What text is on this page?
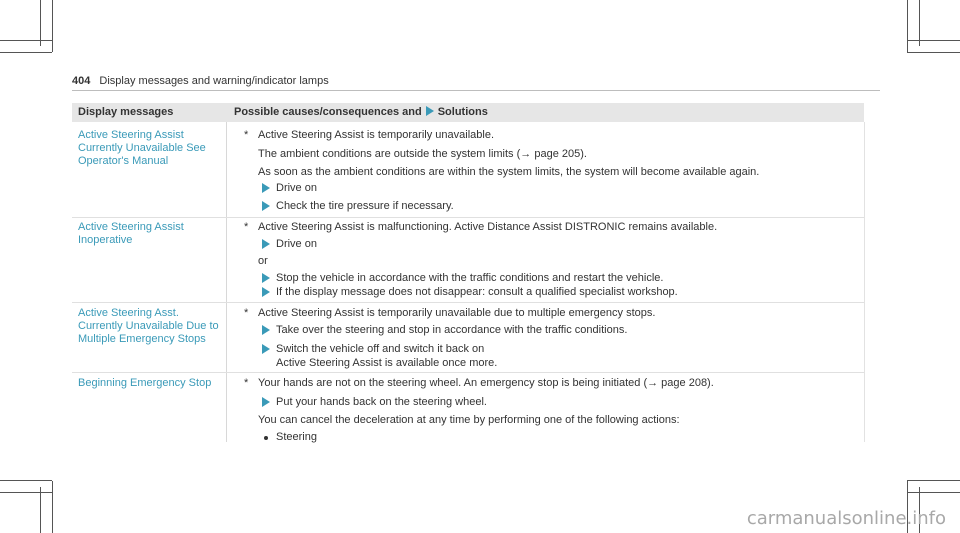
404 Display messages and warning/indicator lamps
Display messages	Possible causes/consequences and Solutions
Active Steering Assist Currently Unavailable See Operator's Manual
* Active Steering Assist is temporarily unavailable.
The ambient conditions are outside the system limits (→ page 205).
As soon as the ambient conditions are within the system limits, the system will become available again.
Drive on
Check the tire pressure if necessary.
Active Steering Assist Inoperative
* Active Steering Assist is malfunctioning. Active Distance Assist DISTRONIC remains available.
Drive on
or
Stop the vehicle in accordance with the traffic conditions and restart the vehicle.
If the display message does not disappear: consult a qualified specialist workshop.
Active Steering Asst. Currently Unavailable Due to Multiple Emergency Stops
* Active Steering Assist is temporarily unavailable due to multiple emergency stops.
Take over the steering and stop in accordance with the traffic conditions.
Switch the vehicle off and switch it back on
Active Steering Assist is available once more.
Beginning Emergency Stop	* Your hands are not on the steering wheel. An emergency stop is being initiated (→ page 208).
Put your hands back on the steering wheel.
You can cancel the deceleration at any time by performing one of the following actions:
Steering
carmanualsonline.info
